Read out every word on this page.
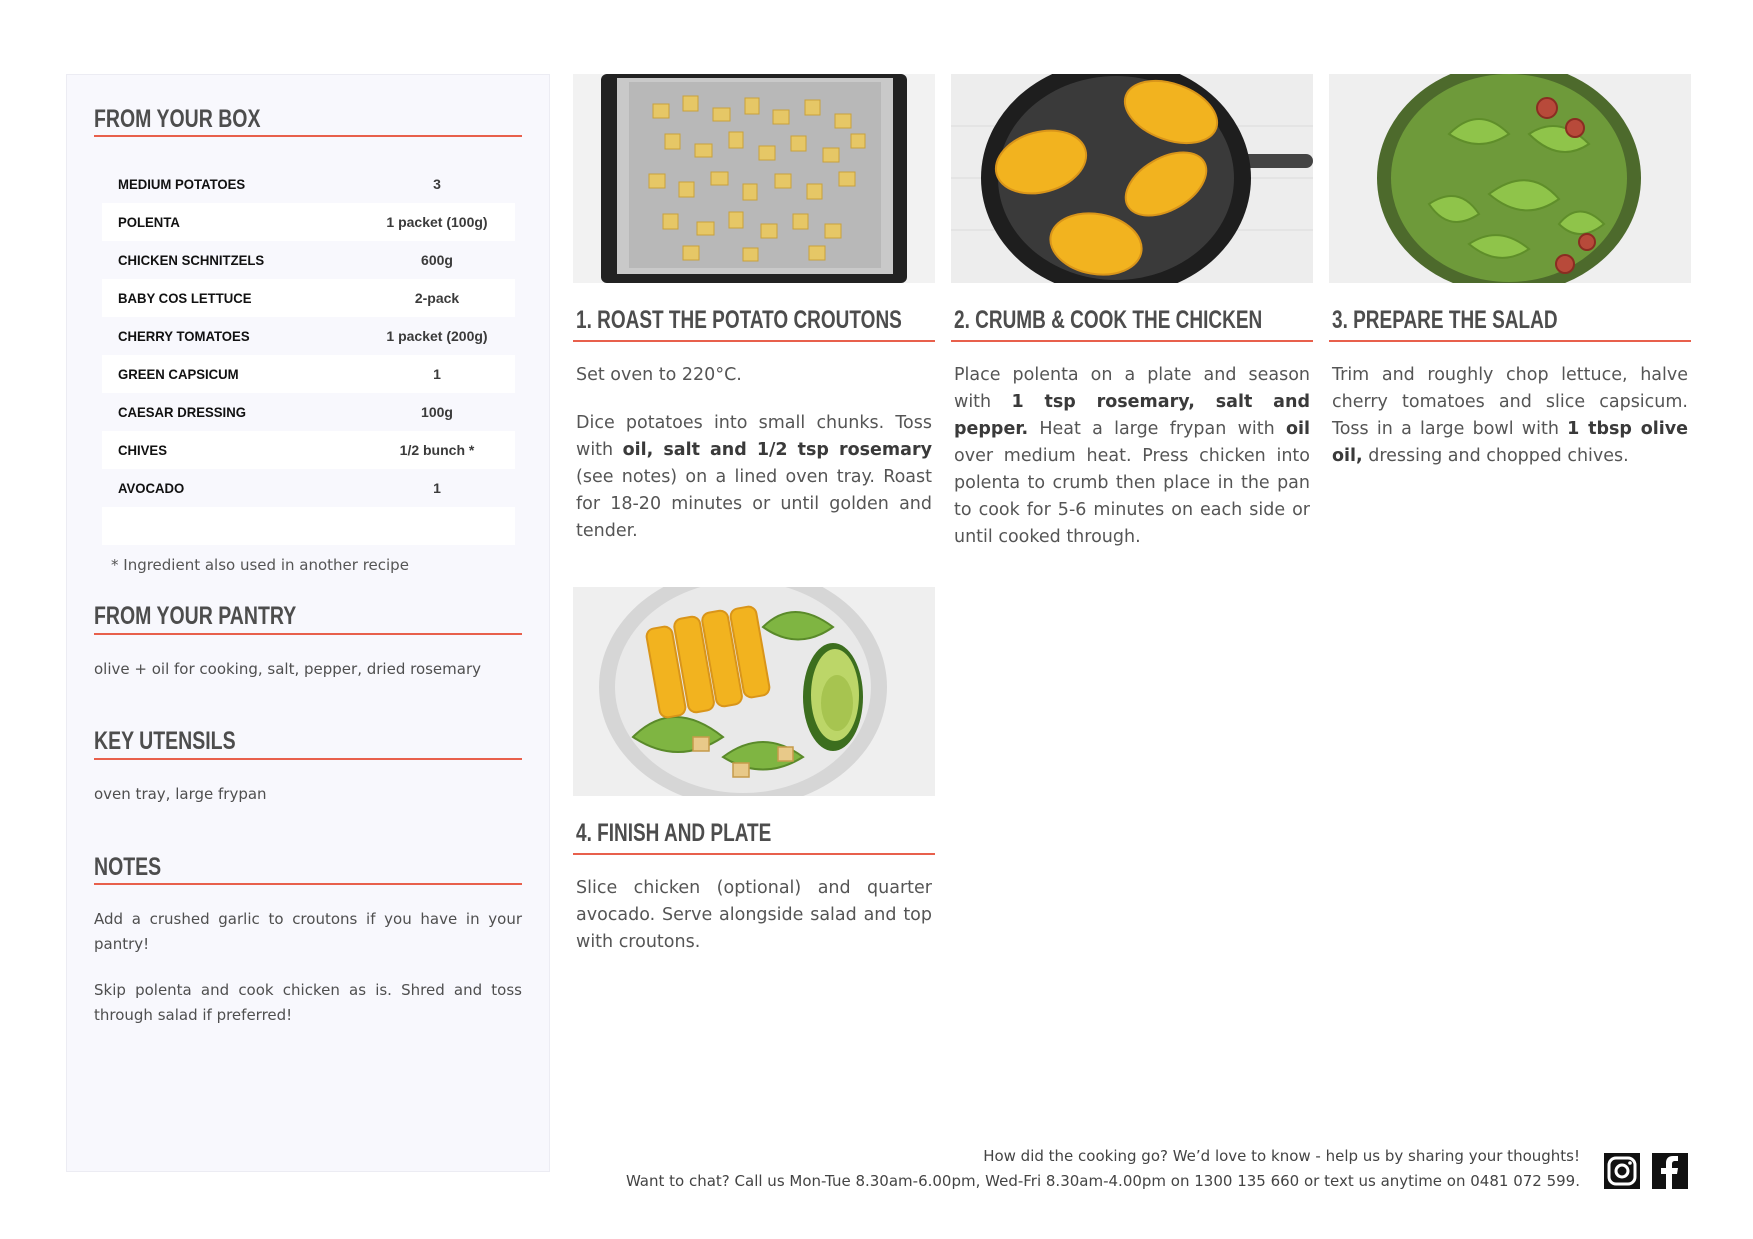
FROM YOUR BOX
MEDIUM POTATOES	3
POLENTA	1 packet (100g)
CHICKEN SCHNITZELS	600g
BABY COS LETTUCE	2-pack
CHERRY TOMATOES	1 packet (200g)
GREEN CAPSICUM	1
CAESAR DRESSING	100g
CHIVES	1/2 bunch *
AVOCADO	1
* Ingredient also used in another recipe
FROM YOUR PANTRY
olive + oil for cooking, salt, pepper, dried rosemary
KEY UTENSILS
oven tray, large frypan
NOTES

Add a crushed garlic to croutons if you have in your pantry!

Skip polenta and cook chicken as is. Shred and toss through salad if preferred!

1. ROAST THE POTATO CROUTONS

Set oven to 220°C.

Dice potatoes into small chunks. Toss with oil, salt and 1/2 tsp rosemary (see notes) on a lined oven tray. Roast for 18-20 minutes or until golden and tender.

2. CRUMB & COOK THE CHICKEN

Place polenta on a plate and season with 1 tsp rosemary, salt and pepper. Heat a large frypan with oil over medium heat. Press chicken into polenta to crumb then place in the pan to cook for 5-6 minutes on each side or until cooked through.

3. PREPARE THE SALAD

Trim and roughly chop lettuce, halve cherry tomatoes and slice capsicum. Toss in a large bowl with 1 tbsp olive oil, dressing and chopped chives.

4. FINISH AND PLATE

Slice chicken (optional) and quarter avocado. Serve alongside salad and top with croutons.

How did the cooking go? We’d love to know - help us by sharing your thoughts!
Want to chat? Call us Mon-Tue 8.30am-6.00pm, Wed-Fri 8.30am-4.00pm on 1300 135 660 or text us anytime on 0481 072 599.
